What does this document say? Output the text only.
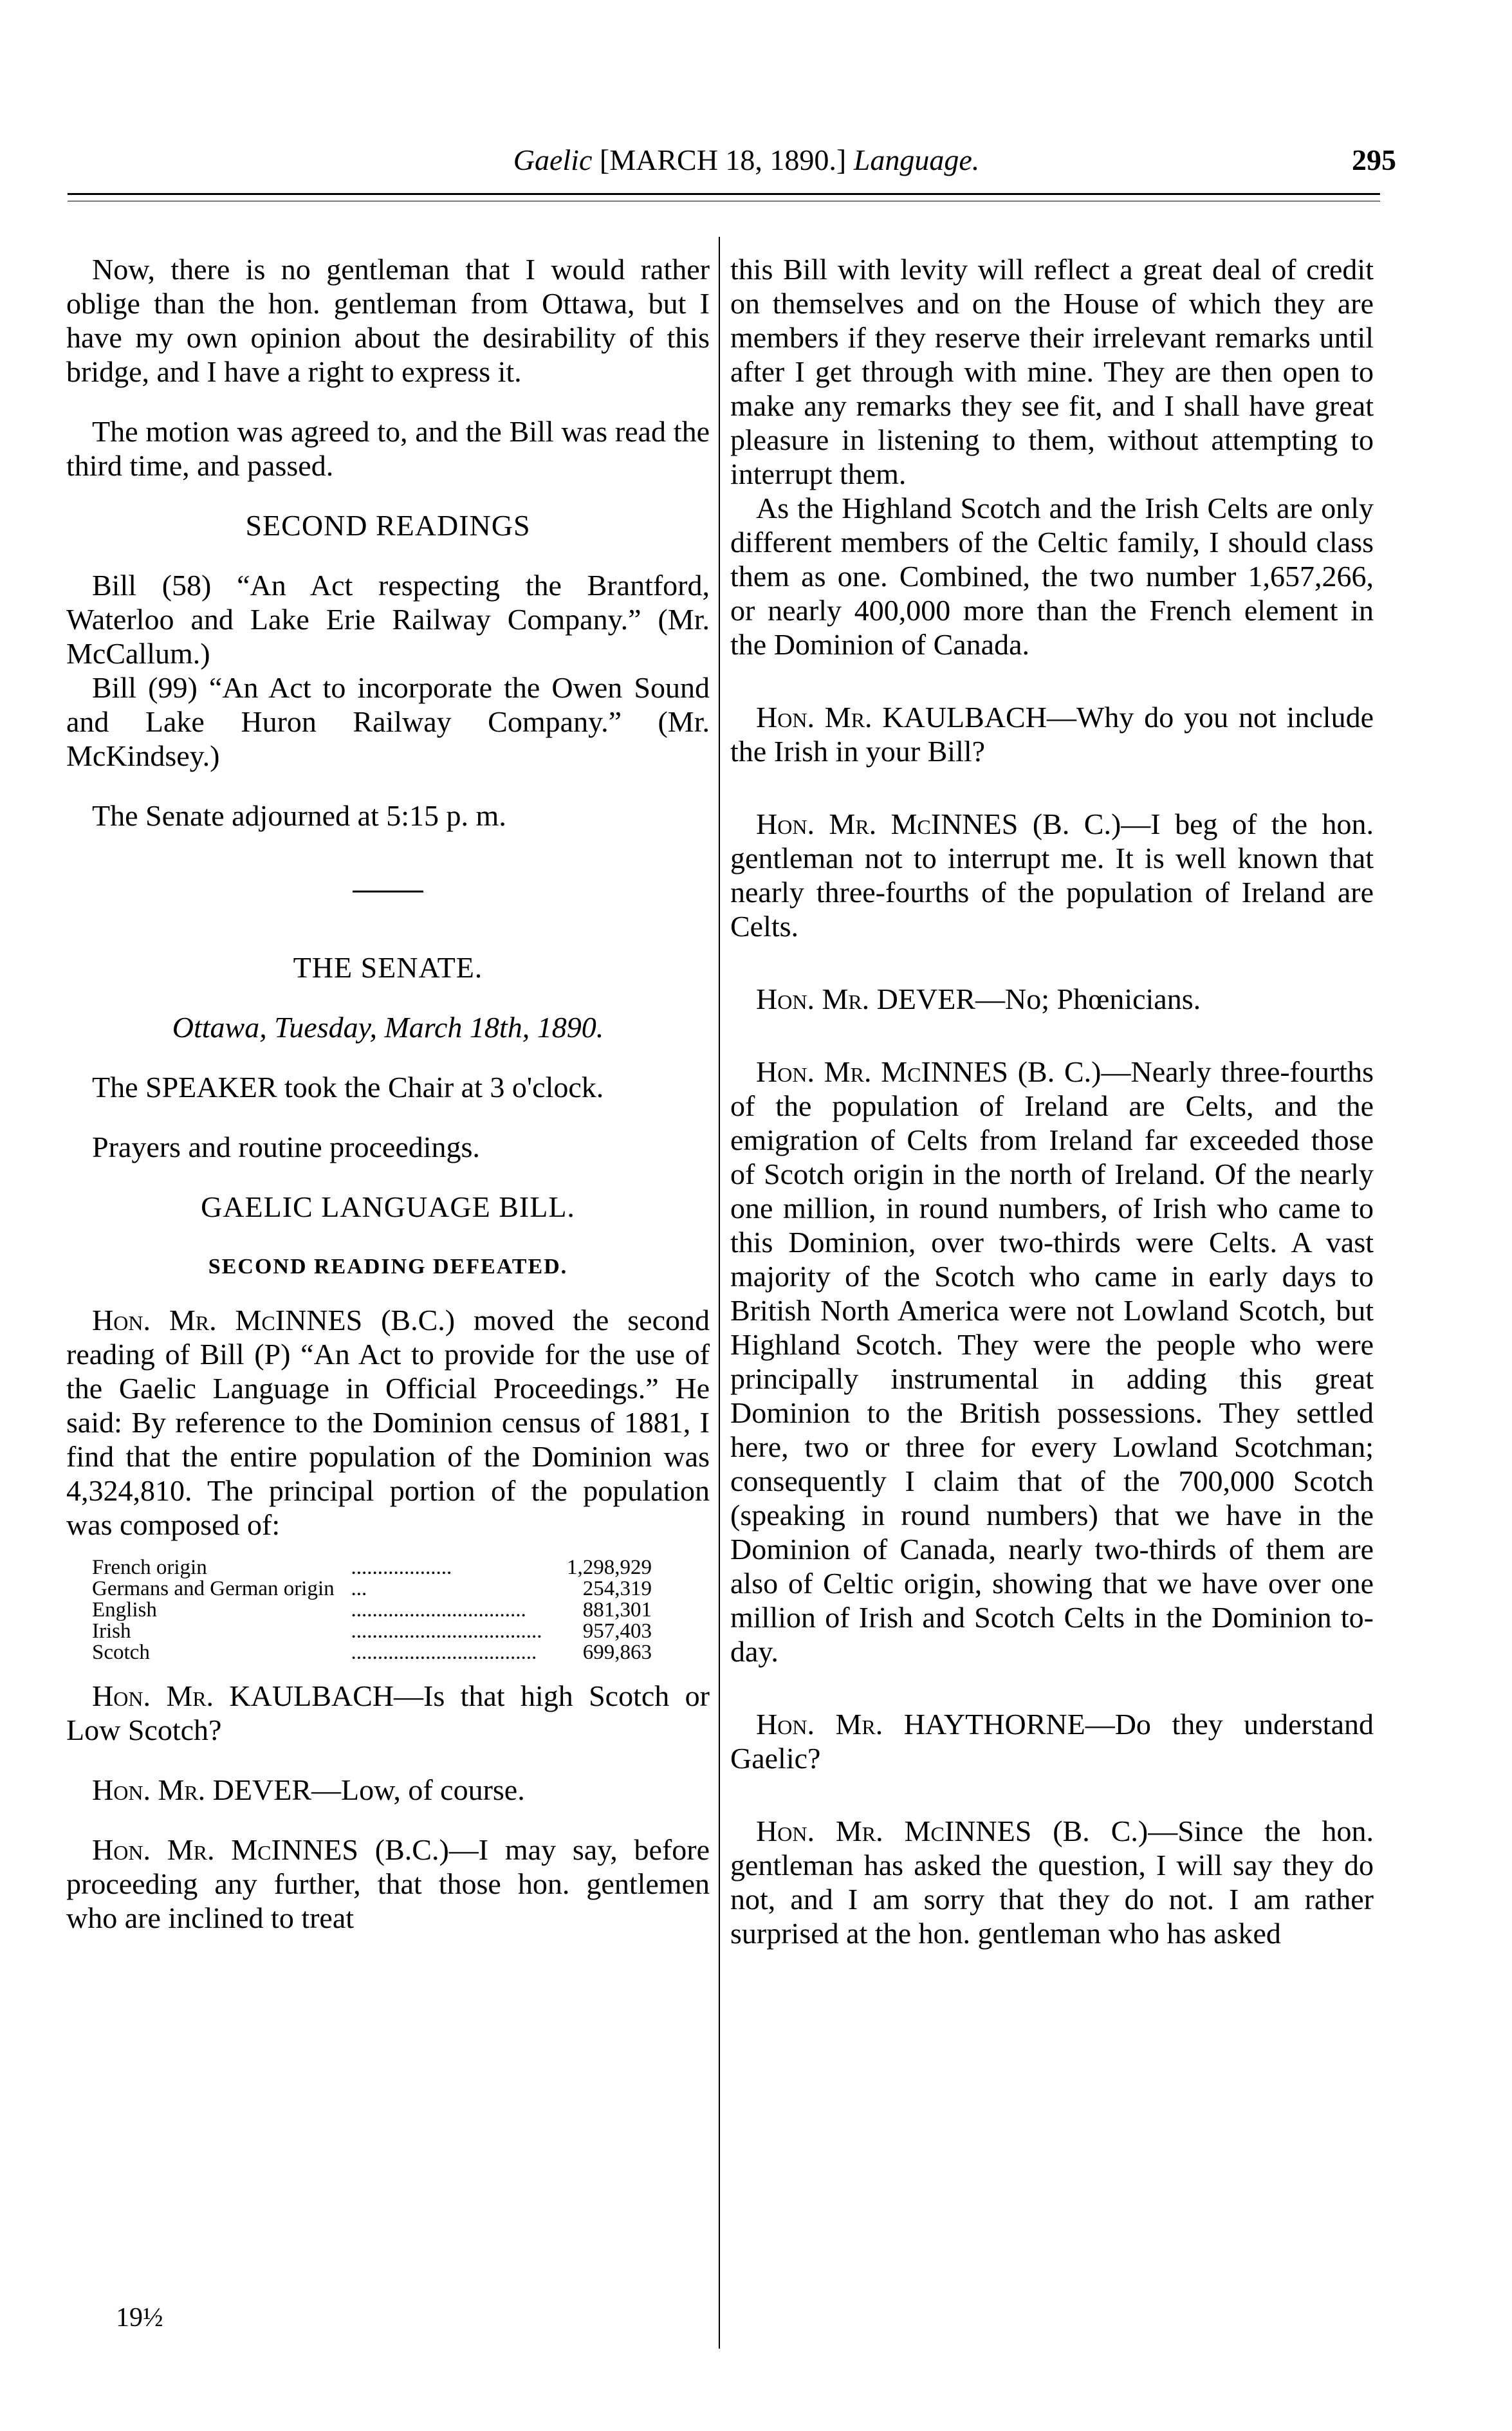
Gaelic [MARCH 18, 1890.] Language.	295

Now, there is no gentleman that I would rather oblige than the hon. gentleman from Ottawa, but I have my own opinion about the desirability of this bridge, and I have a right to express it.

The motion was agreed to, and the Bill was read the third time, and passed.

SECOND READINGS

Bill (58) “An Act respecting the Brantford, Waterloo and Lake Erie Railway Company.” (Mr. McCallum.)

Bill (99) “An Act to incorporate the Owen Sound and Lake Huron Railway Company.” (Mr. McKindsey.)

The Senate adjourned at 5:15 p. m.

THE SENATE.

Ottawa, Tuesday, March 18th, 1890.

The SPEAKER took the Chair at 3 o'clock.

Prayers and routine proceedings.

GAELIC LANGUAGE BILL.

SECOND READING DEFEATED.

Hon. Mr. McINNES (B.C.) moved the second reading of Bill (P) “An Act to provide for the use of the Gaelic Language in Official Proceedings.” He said: By reference to the Dominion census of 1881, I find that the entire population of the Dominion was 4,324,810. The principal portion of the population was composed of:

French origin	...................	1,298,929
Germans and German origin	...	254,319
English	.................................	881,301
Irish	....................................	957,403
Scotch	...................................	699,863

Hon. Mr. KAULBACH—Is that high Scotch or Low Scotch?

Hon. Mr. DEVER—Low, of course.

Hon. Mr. McINNES (B.C.)—I may say, before proceeding any further, that those hon. gentlemen who are inclined to treat

this Bill with levity will reflect a great deal of credit on themselves and on the House of which they are members if they reserve their irrelevant remarks until after I get through with mine. They are then open to make any remarks they see fit, and I shall have great pleasure in listening to them, without attempting to interrupt them.

As the Highland Scotch and the Irish Celts are only different members of the Celtic family, I should class them as one. Combined, the two number 1,657,266, or nearly 400,000 more than the French element in the Dominion of Canada.

Hon. Mr. KAULBACH—Why do you not include the Irish in your Bill?

Hon. Mr. McINNES (B. C.)—I beg of the hon. gentleman not to interrupt me. It is well known that nearly three-fourths of the population of Ireland are Celts.

Hon. Mr. DEVER—No; Phœnicians.

Hon. Mr. McINNES (B. C.)—Nearly three-fourths of the population of Ireland are Celts, and the emigration of Celts from Ireland far exceeded those of Scotch origin in the north of Ireland. Of the nearly one million, in round numbers, of Irish who came to this Dominion, over two-thirds were Celts. A vast majority of the Scotch who came in early days to British North America were not Lowland Scotch, but Highland Scotch. They were the people who were principally instrumental in adding this great Dominion to the British possessions. They settled here, two or three for every Lowland Scotchman; consequently I claim that of the 700,000 Scotch (speaking in round numbers) that we have in the Dominion of Canada, nearly two-thirds of them are also of Celtic origin, showing that we have over one million of Irish and Scotch Celts in the Dominion to-day.

Hon. Mr. HAYTHORNE—Do they understand Gaelic?

Hon. Mr. McINNES (B. C.)—Since the hon. gentleman has asked the question, I will say they do not, and I am sorry that they do not. I am rather surprised at the hon. gentleman who has asked

19½
